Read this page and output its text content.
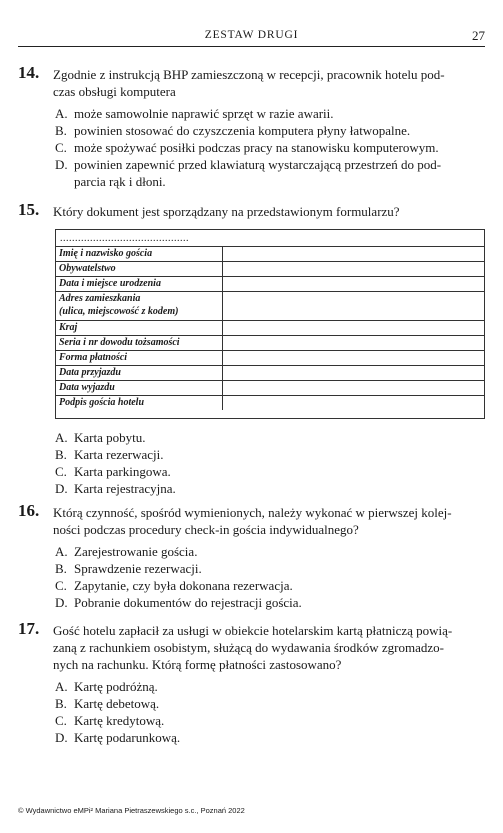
ZESTAW DRUGI	27
14. Zgodnie z instrukcją BHP zamieszczoną w recepcji, pracownik hotelu pod-
czas obsługi komputera
A. może samowolnie naprawić sprzęt w razie awarii.
B. powinien stosować do czyszczenia komputera płyny łatwopalne.
C. może spożywać posiłki podczas pracy na stanowisku komputerowym.
D. powinien zapewnić przed klawiaturą wystarczającą przestrzeń do pod-
parcia rąk i dłoni.
15. Który dokument jest sporządzany na przedstawionym formularzu?
...........................................
Imię i nazwisko gościa	
Obywatelstwo	
Data i miejsce urodzenia	
Adres zamieszkania
(ulica, miejscowość z kodem)	
Kraj	
Seria i nr dowodu tożsamości	
Forma płatności	
Data przyjazdu	
Data wyjazdu	
Podpis gościa hotelu	
A. Karta pobytu.
B. Karta rezerwacji.
C. Karta parkingowa.
D. Karta rejestracyjna.
16. Którą czynność, spośród wymienionych, należy wykonać w pierwszej kolej-
ności podczas procedury check-in gościa indywidualnego?
A. Zarejestrowanie gościa.
B. Sprawdzenie rezerwacji.
C. Zapytanie, czy była dokonana rezerwacja.
D. Pobranie dokumentów do rejestracji gościa.
17. Gość hotelu zapłacił za usługi w obiekcie hotelarskim kartą płatniczą powią-
zaną z rachunkiem osobistym, służącą do wydawania środków zgromadzo-
nych na rachunku. Którą formę płatności zastosowano?
A. Kartę podróżną.
B. Kartę debetową.
C. Kartę kredytową.
D. Kartę podarunkową.
© Wydawnictwo eMPi² Mariana Pietraszewskiego s.c., Poznań 2022
